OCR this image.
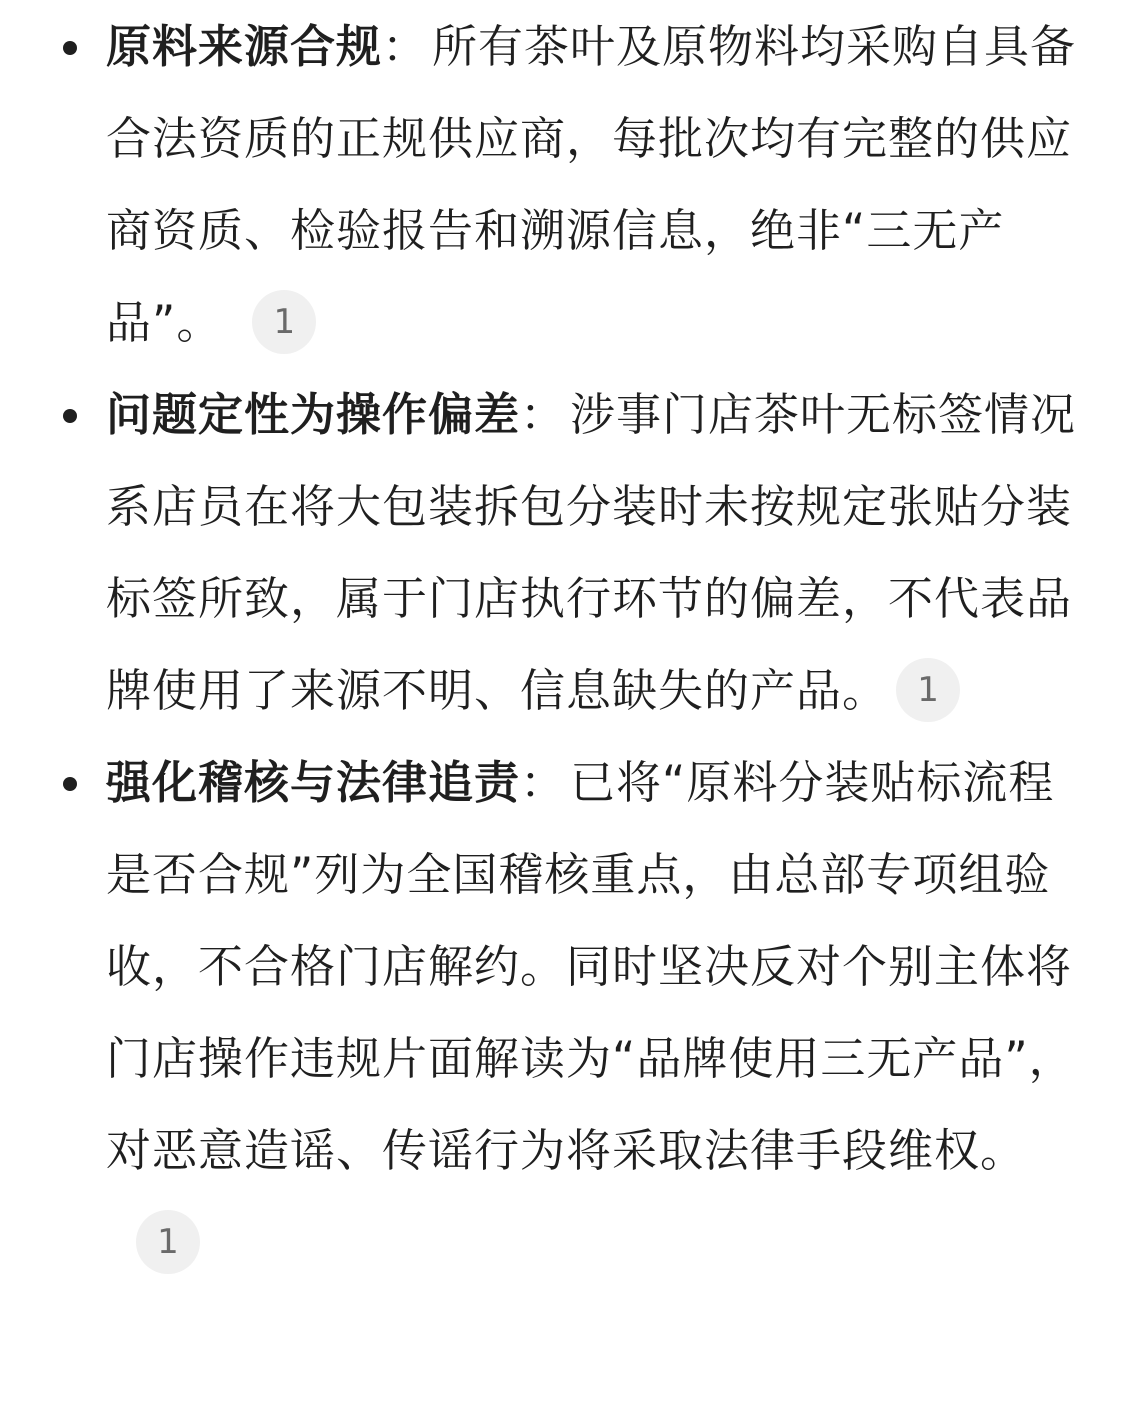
原料来源合规：所有茶叶及原物料均采购自具备合法资质的正规供应商，每批次均有完整的供应商资质、检验报告和溯源信息，绝非“三无产品”。 1
问题定性为操作偏差：涉事门店茶叶无标签情况系店员在将大包装拆包分装时未按规定张贴分装标签所致，属于门店执行环节的偏差，不代表品牌使用了来源不明、信息缺失的产品。 1
强化稽核与法律追责：已将“原料分装贴标流程是否合规”列为全国稽核重点，由总部专项组验收，不合格门店解约。同时坚决反对个别主体将门店操作违规片面解读为“品牌使用三无产品”，对恶意造谣、传谣行为将采取法律手段维权。1
